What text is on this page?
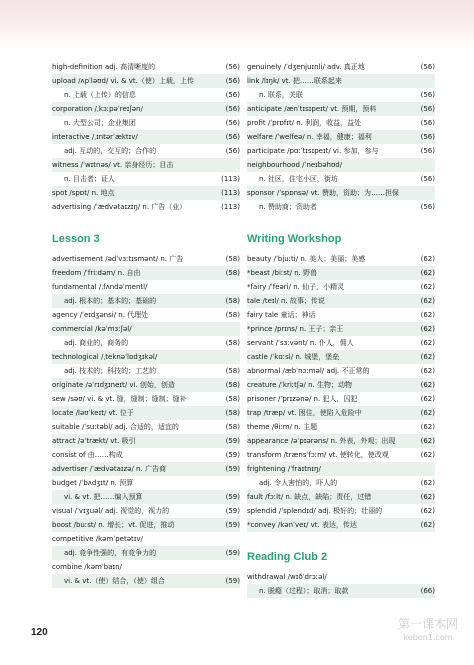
high-definition adj. 高清晰度的	(56)
upload /ʌpˈləʊd/ vi. & vt.（使）上载，上传	(56)
n. 上载（上传）的信息	(56)
corporation /ˌkɔːpəˈreɪʃən/	(56)
n. 大型公司；企业集团	(56)
interactive /ˌɪntərˈæktɪv/	(56)
adj. 互动的，交互的；合作的	(56)
witness /ˈwɪtnəs/ vt. 亲身经历；目击
n. 目击者；证人	(113)
spot /spɒt/ n. 地点	(113)
advertising /ˈædvətaɪzɪŋ/ n. 广告（业）	(113)
Lesson 3
advertisement /ədˈvɜːtɪsmənt/ n. 广告	(58)
freedom /ˈfriːdəm/ n. 自由	(58)
fundamental /ˌfʌndəˈmentl/
adj. 根本的；基本的；基础的	(58)
agency /ˈeɪdʒənsi/ n. 代理处	(58)
commercial /kəˈmɜːʃəl/
adj. 商业的，商务的	(58)
technological /ˌteknəˈlɒdʒɪkəl/
adj. 技术的；科技的；工艺的	(58)
originate /əˈrɪdʒɪneɪt/ vi. 创始，创造	(58)
sew /səʊ/ vi. & vt. 缝，缝制；缝制；缝补	(58)
locate /ləʊˈkeɪt/ vt. 位于	(58)
suitable /ˈsuːtəbl/ adj. 合适的，适宜的	(58)
attract /əˈtrækt/ vt. 吸引	(59)
consist of 由……构成	(59)
advertiser /ˈædvətaɪzə/ n. 广告商	(59)
budget /ˈbʌdʒɪt/ n. 预算
vi. & vt. 把……编入预算	(59)
visual /ˈvɪʒuəl/ adj. 视觉的，视力的	(59)
boost /buːst/ n. 增长；vt. 促进，推动	(59)
competitive /kəmˈpetətɪv/
adj. 竞争性强的，有竞争力的	(59)
combine /kəmˈbaɪn/
vi. & vt.（使）结合，（使）组合	(59)
genuinely /ˈdʒenjuɪnli/ adv. 真正地	(56)
link /lɪŋk/ vt. 把……联系起来
n. 联系，关联	(56)
anticipate /ænˈtɪsɪpeɪt/ vt. 预期，预料	(56)
profit /ˈprɒfɪt/ n. 利润，收益，益处	(56)
welfare /ˈwelfeə/ n. 幸福，健康；福利	(56)
participate /pɑːˈtɪsɪpeɪt/ vi. 参加，参与	(56)
neighbourhood /ˈneɪbəhʊd/
n. 社区，住宅小区，街坊	(56)
sponsor /ˈspɒnsə/ vt. 赞助，资助；为……担保
n. 赞助商；资助者	(56)
Writing Workshop
beauty /ˈbjuːti/ n. 美人；美丽；美感	(62)
*beast /biːst/ n. 野兽	(62)
*fairy /ˈfeəri/ n. 仙子，小精灵	(62)
tale /teɪl/ n. 故事；传说	(62)
fairy tale 童话；神话	(62)
*prince /prɪns/ n. 王子；亲王	(62)
servant /ˈsɜːvənt/ n. 仆人，佣人	(62)
castle /ˈkɑːsl/ n. 城堡，堡垒	(62)
abnormal /æbˈnɔːməl/ adj. 不正常的	(62)
creature /ˈkriːtʃə/ n. 生物；动物	(62)
prisoner /ˈprɪzənə/ n. 犯人，囚犯	(62)
trap /træp/ vt. 困住，使陷入危险中	(62)
theme /θiːm/ n. 主题	(62)
appearance /əˈpɪərəns/ n. 外表，外观；出现	(62)
transform /trænsˈfɔːm/ vt. 使转化，使改观	(62)
frightening /ˈfraɪtnɪŋ/
adj. 令人害怕的，吓人的	(62)
fault /fɔːlt/ n. 缺点，缺陷；责任，过错	(62)
splendid /ˈsplendɪd/ adj. 极好的；壮丽的	(62)
*convey /kənˈveɪ/ vt. 表达，传达	(62)
Reading Club 2
withdrawal /wɪðˈdrɔːəl/
n. 脱瘾（过程）；取消；取款	(66)
120
第一课本网
keben1.com
